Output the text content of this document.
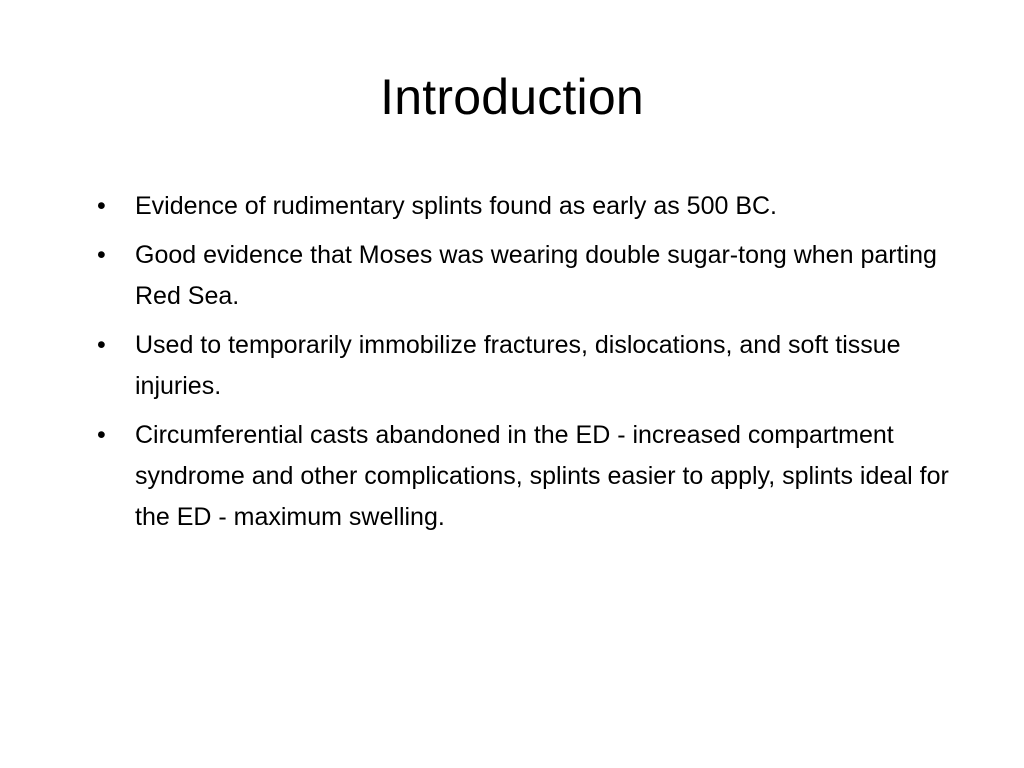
Introduction
•	Evidence of rudimentary splints found as early as 500 BC.
•	Good evidence that Moses was wearing double sugar-tong when parting Red Sea.
•	Used to temporarily immobilize fractures, dislocations, and soft tissue injuries.
•	Circumferential casts abandoned in the ED - increased compartment syndrome and other complications, splints easier to apply, splints ideal for the ED - maximum swelling.
